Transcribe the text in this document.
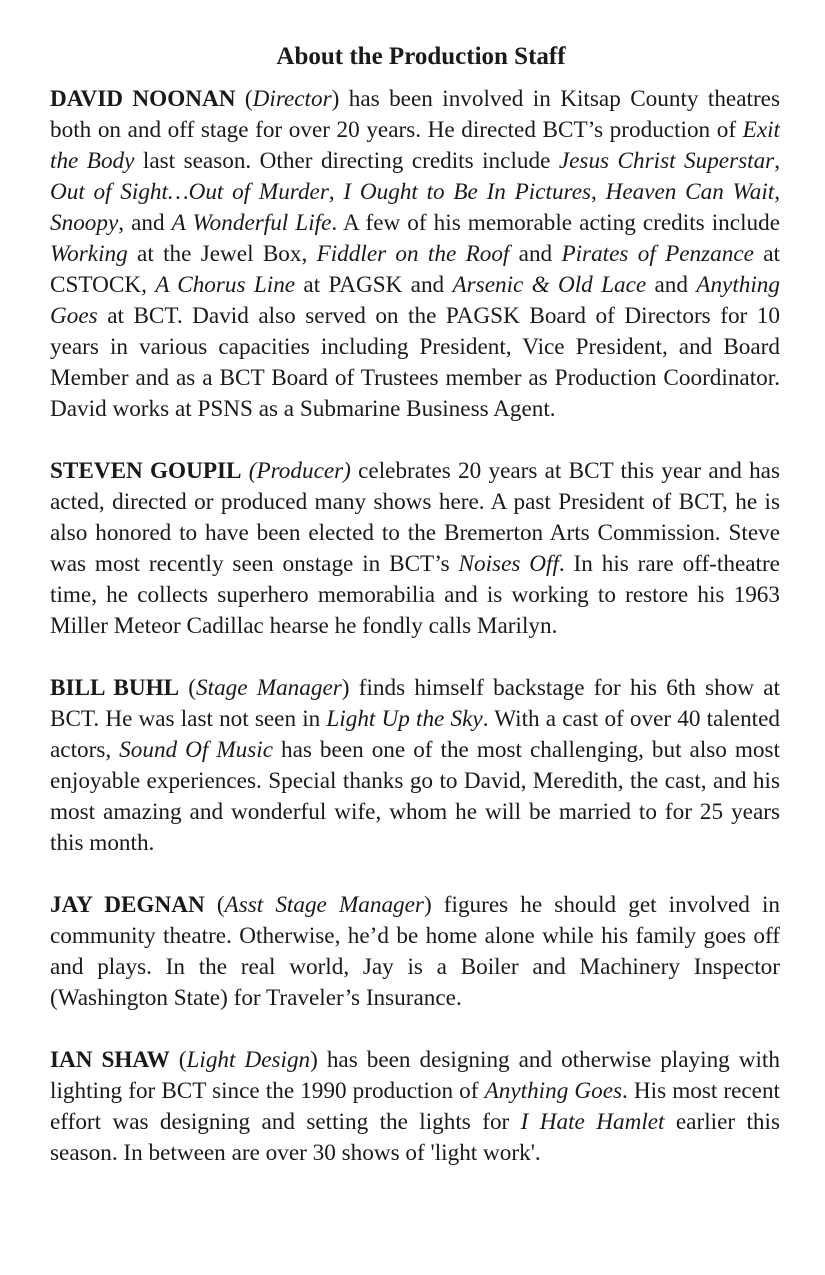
About the Production Staff

DAVID NOONAN (Director) has been involved in Kitsap County theatres both on and off stage for over 20 years. He directed BCT’s production of Exit the Body last season. Other directing credits include Jesus Christ Superstar, Out of Sight…Out of Murder, I Ought to Be In Pictures, Heaven Can Wait, Snoopy, and A Wonderful Life. A few of his memorable acting credits include Working at the Jewel Box, Fiddler on the Roof and Pirates of Penzance at CSTOCK, A Chorus Line at PAGSK and Arsenic & Old Lace and Anything Goes at BCT. David also served on the PAGSK Board of Directors for 10 years in various capacities including President, Vice President, and Board Member and as a BCT Board of Trustees member as Production Coordinator. David works at PSNS as a Submarine Business Agent.

STEVEN GOUPIL (Producer) celebrates 20 years at BCT this year and has acted, directed or produced many shows here. A past President of BCT, he is also honored to have been elected to the Bremerton Arts Commission. Steve was most recently seen onstage in BCT’s Noises Off. In his rare off-theatre time, he collects superhero memorabilia and is working to restore his 1963 Miller Meteor Cadillac hearse he fondly calls Marilyn.

BILL BUHL (Stage Manager) finds himself backstage for his 6th show at BCT. He was last not seen in Light Up the Sky. With a cast of over 40 talented actors, Sound Of Music has been one of the most challenging, but also most enjoyable experiences. Special thanks go to David, Meredith, the cast, and his most amazing and wonderful wife, whom he will be married to for 25 years this month.

JAY DEGNAN (Asst Stage Manager) figures he should get involved in community theatre. Otherwise, he’d be home alone while his family goes off and plays. In the real world, Jay is a Boiler and Machinery Inspector (Washington State) for Traveler’s Insurance.

IAN SHAW (Light Design) has been designing and otherwise playing with lighting for BCT since the 1990 production of Anything Goes. His most recent effort was designing and setting the lights for I Hate Hamlet earlier this season. In between are over 30 shows of 'light work'.
